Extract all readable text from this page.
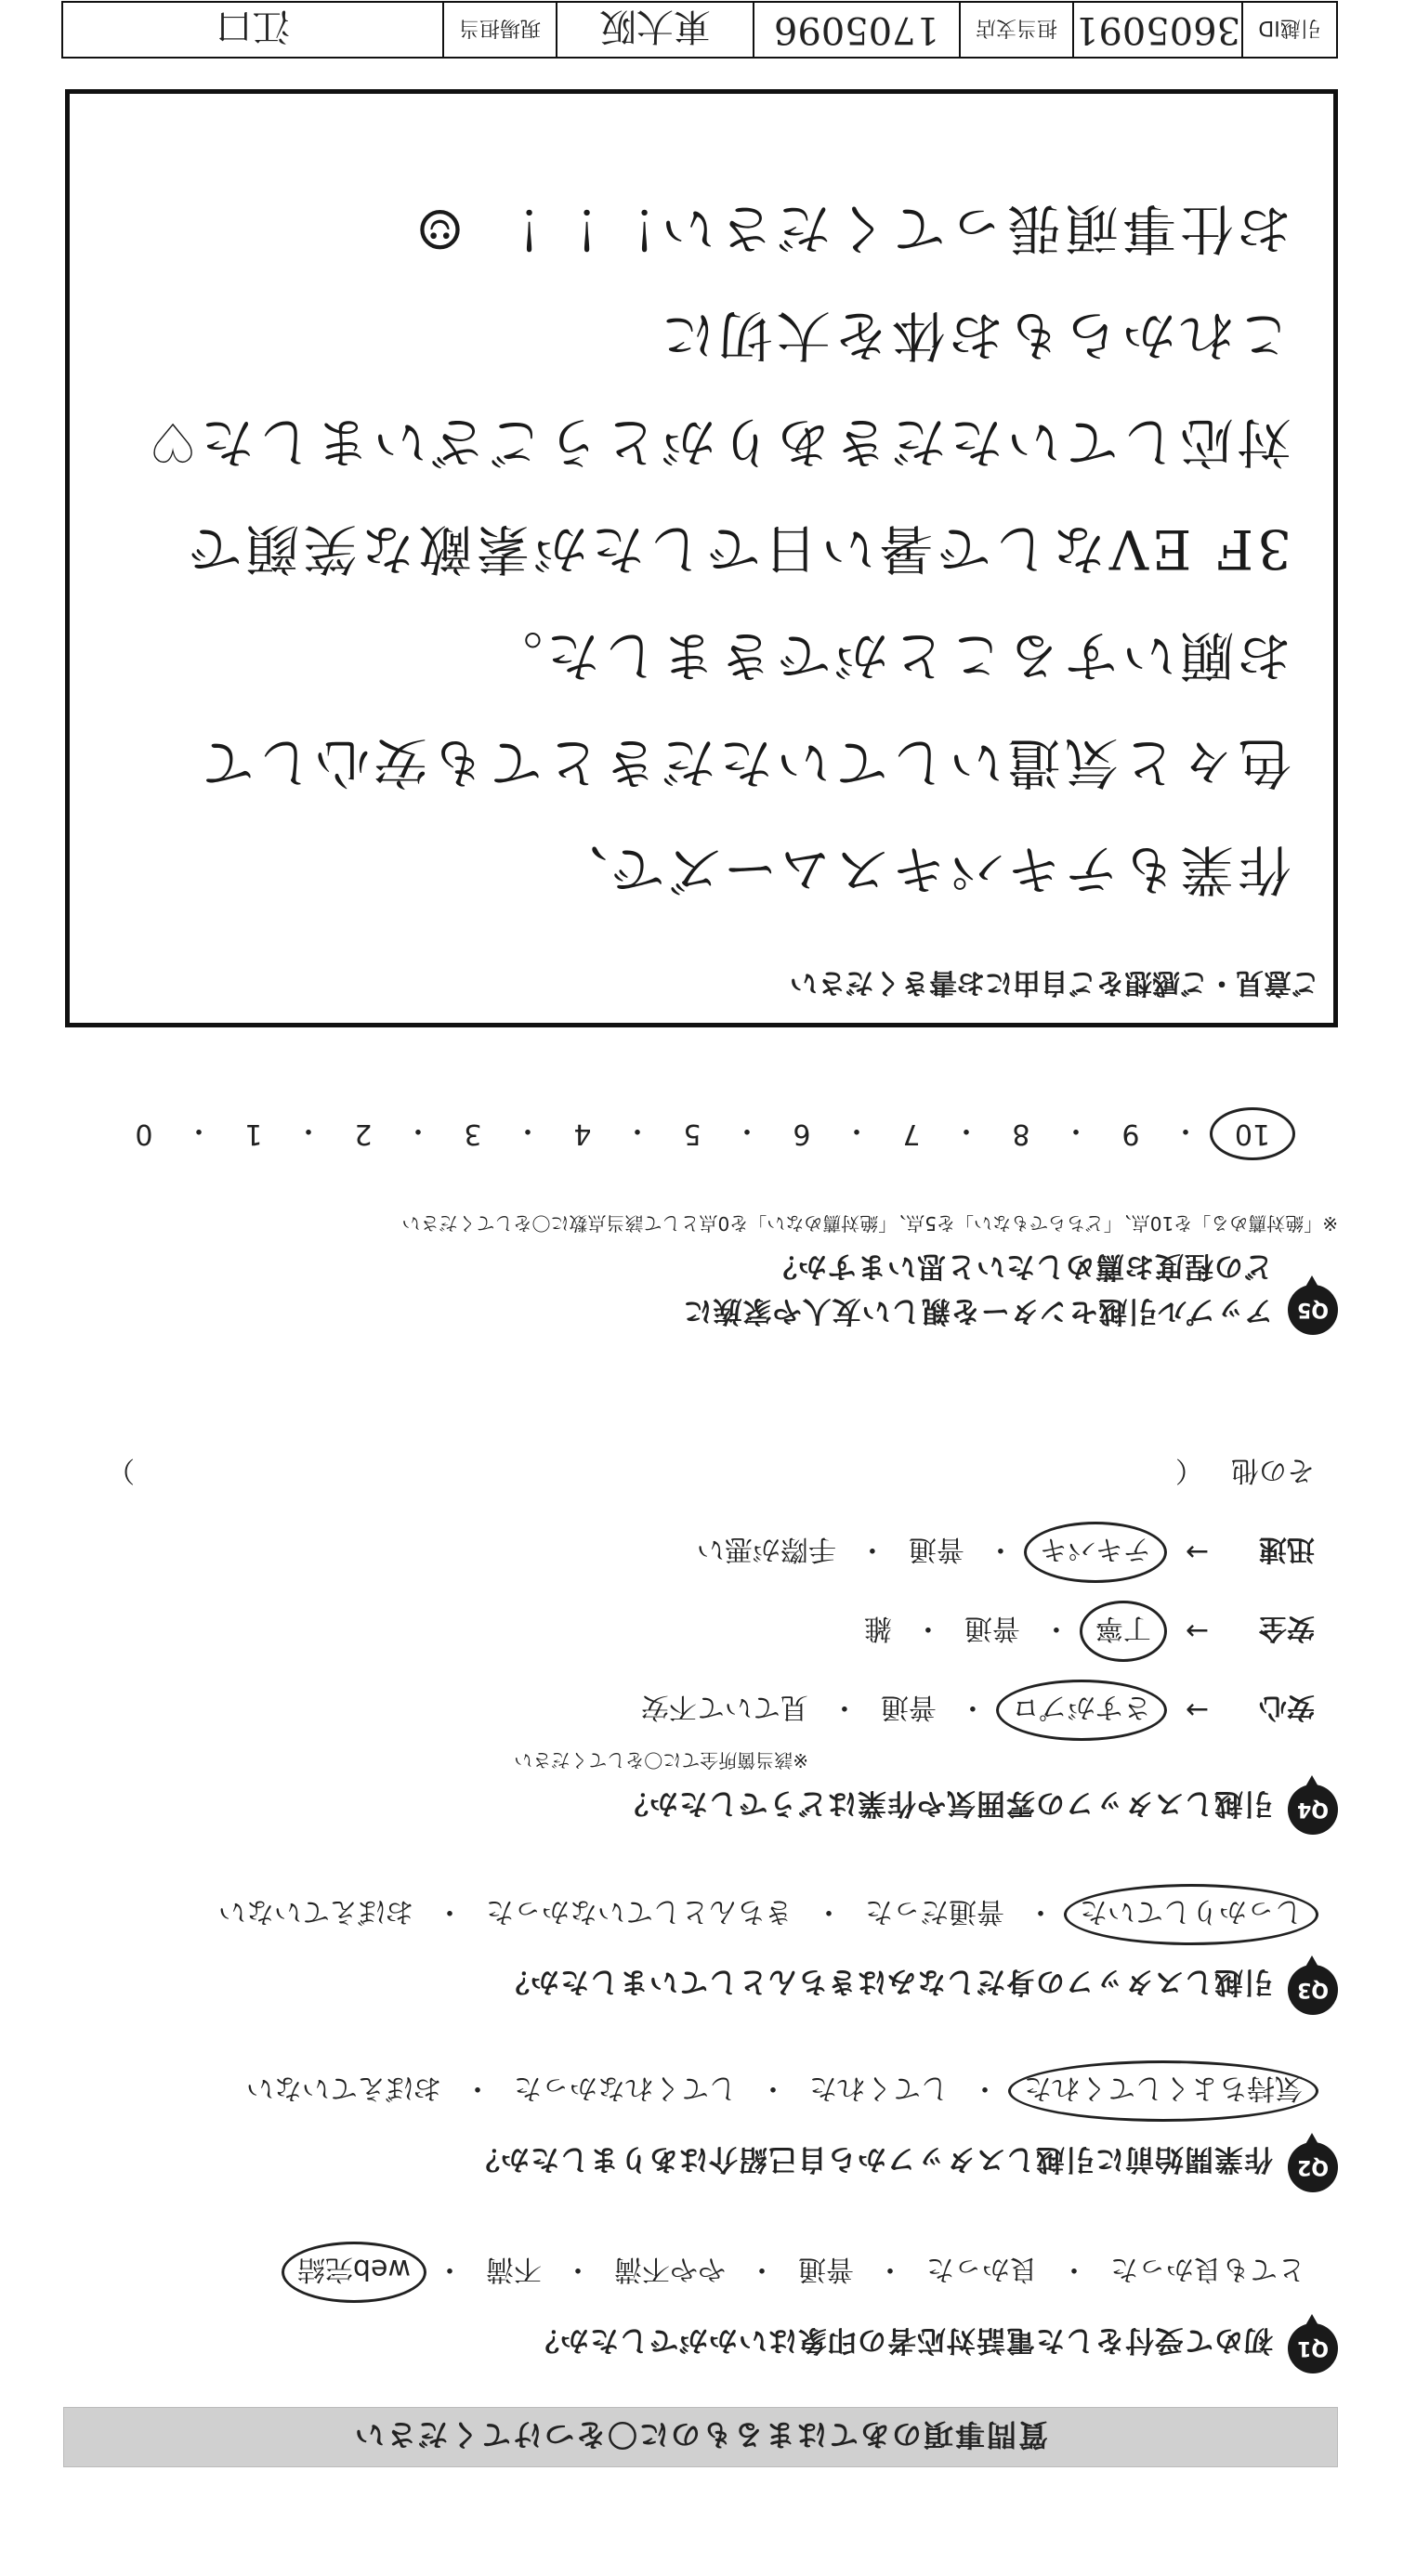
質問事項のあてはまるものに〇をつけてください
Q1
初めて受付をした電話対応者の印象はいかがでしたか？
とても良かった
・
良かった
・
普通
・
やや不満
・
不満
・
web完結
Q2
作業開始前に引越しスタッフから自己紹介はありましたか？
気持ちよくしてくれた
・
してくれた
・
してくれなかった
・
おぼえていない
Q3
引越しスタッフの身だしなみはきちんとしていましたか？
しっかりしていた
・
普通だった
・
きちんとしていなかった
・
おぼえていない
Q4
引越しスタッフの雰囲気や作業はどうでしたか？
※該当箇所全てに〇をしてください
安心
→
さすがプロ
・
普通
・
見ていて不安
安全
→
丁寧
・
普通
・
雑
迅速
→
テキパキ
・
普通
・
手際が悪い
その他
（
）
Q5
アップル引越センターを親しい友人や家族に
どの程度お薦めしたいと思いますか？
※「絶対薦める」を10点、「どちらでもない」を5点、「絶対薦めない」を0点として該当点数に〇をしてください
10
・
9
・
8
・
7
・
6
・
5
・
4
・
3
・
2
・
1
・
0
ご意見・ご感想をご自由にお書きください
作業もテキパキスムーズで、
色々と気遣いしていただきとても安心して
お願いすることができました。
3F EVなしで暑い日でしたが素敵な笑顔で
対応していただきありがとうございました♡
これからもお体を大切に
お仕事頑張ってください！！！ ☺
引越ID
3605091
担当支店
1705096
東大阪
現場担当
江口
